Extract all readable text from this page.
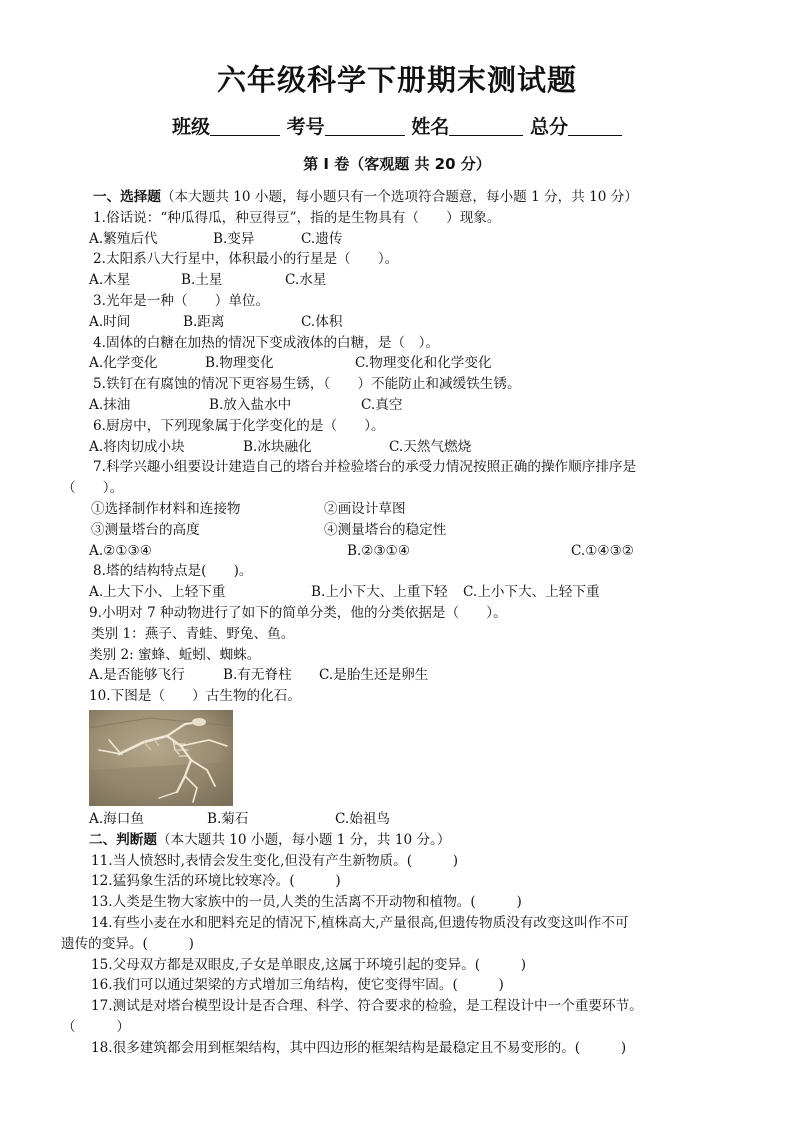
六年级科学下册期末测试题
班级	考号	姓名	总分
第 I 卷（客观题 共 20 分）
一、选择题（本大题共 10 小题，每小题只有一个选项符合题意，每小题 1 分，共 10 分）
1.俗话说：“种瓜得瓜，种豆得豆”，指的是生物具有（　　）现象。
A.繁殖后代	B.变异	C.遗传
2.太阳系八大行星中，体积最小的行星是（　　）。
A.木星	B.土星	C.水星
3.光年是一种（　　）单位。
A.时间	B.距离	C.体积
4.固体的白糖在加热的情况下变成液体的白糖，是（　）。
A.化学变化	B.物理变化	C.物理变化和化学变化
5.铁钉在有腐蚀的情况下更容易生锈，（　　）不能防止和减缓铁生锈。
A.抹油	B.放入盐水中	C.真空
6.厨房中，下列现象属于化学变化的是（　　）。
A.将肉切成小块	B.冰块融化	C.天然气燃烧
7.科学兴趣小组要设计建造自己的塔台并检验塔台的承受力情况按照正确的操作顺序排序是
（　　）。
①选择制作材料和连接物	②画设计草图
③测量塔台的高度	④测量塔台的稳定性
A.②①③④	B.②③①④	C.①④③②
8.塔的结构特点是(　　)。
A.上大下小、上轻下重	B.上小下大、上重下轻 C.上小下大、上轻下重
9.小明对 7 种动物进行了如下的简单分类，他的分类依据是（　　）。
类别 1：燕子、青蛙、野兔、鱼。
类别 2: 蜜蜂、蚯蚓、蜘蛛。
A.是否能够飞行	B.有无脊柱 C.是胎生还是卵生
10.下图是（　　）古生物的化石。
A.海口鱼	B.菊石	C.始祖鸟
二、判断题（本大题共 10 小题，每小题 1 分，共 10 分。）
11.当人愤怒时,表情会发生变化,但没有产生新物质。(　　　)
12.猛犸象生活的环境比较寒冷。(　　　)
13.人类是生物大家族中的一员,人类的生活离不开动物和植物。(　　　)
14.有些小麦在水和肥料充足的情况下,植株高大,产量很高,但遗传物质没有改变这叫作不可
遗传的变异。(　　　)
15.父母双方都是双眼皮,子女是单眼皮,这属于环境引起的变异。(　　　)
16.我们可以通过架梁的方式增加三角结构，使它变得牢固。(　　　)
17.测试是对塔台模型设计是否合理、科学、符合要求的检验，是工程设计中一个重要环节。
（　　　）
18.很多建筑都会用到框架结构，其中四边形的框架结构是最稳定且不易变形的。(　　　)
